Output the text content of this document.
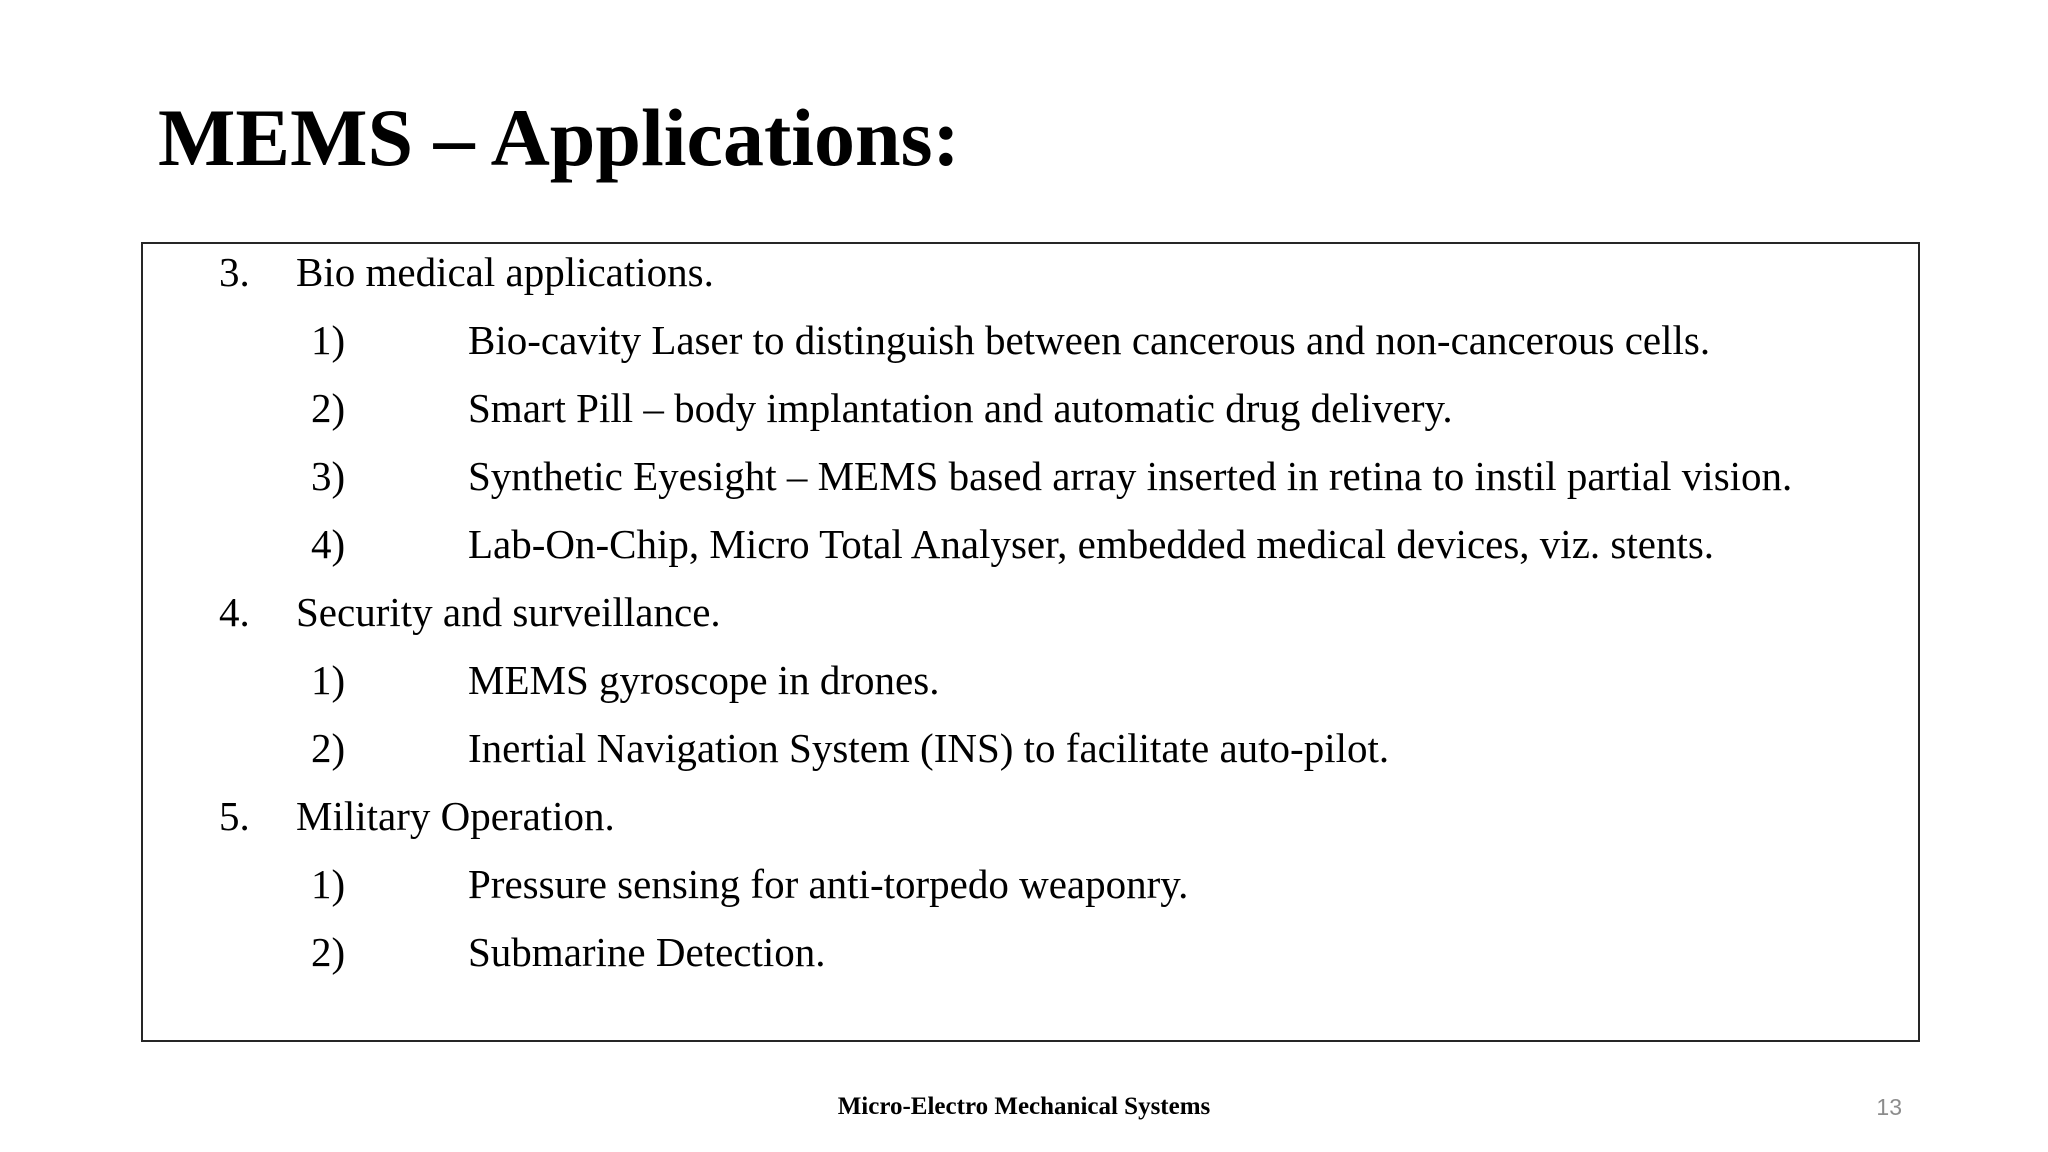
MEMS – Applications:
3. Bio medical applications.
1)	Bio-cavity Laser to distinguish between cancerous and non-cancerous cells.
2)	Smart Pill – body implantation and automatic drug delivery.
3)	Synthetic Eyesight – MEMS based array inserted in retina to instil partial vision.
4)	Lab-On-Chip, Micro Total Analyser, embedded medical devices, viz. stents.
4. Security and surveillance.
1)	MEMS gyroscope in drones.
2)	Inertial Navigation System (INS) to facilitate auto-pilot.
5. Military Operation.
1)	Pressure sensing for anti-torpedo weaponry.
2)	Submarine Detection.
Micro-Electro Mechanical Systems	13
